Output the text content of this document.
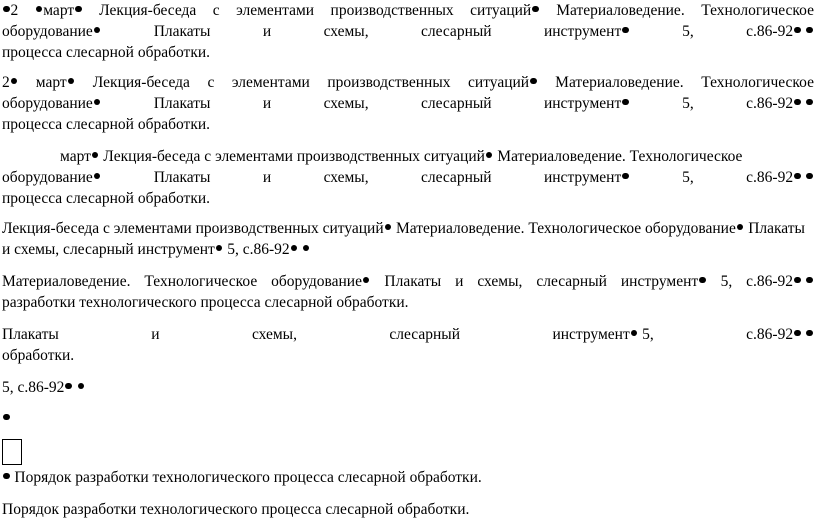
2	март	Лекция-беседа с элементами производственных ситуаций	Материаловедение. Технологическое
оборудование	Плакаты	и	схемы,	слесарный	инструмент	5,	с.86-92
процесса слесарной обработки.
2	март	Лекция-беседа с элементами производственных ситуаций	Материаловедение. Технологическое
оборудование	Плакаты	и	схемы,	слесарный	инструмент	5,	с.86-92
процесса слесарной обработки.
март Лекция-беседа с элементами производственных ситуаций Материаловедение. Технологическое
оборудование	Плакаты	и	схемы,	слесарный	инструмент	5,	с.86-92
процесса слесарной обработки.
Лекция-беседа с элементами производственных ситуаций Материаловедение. Технологическое оборудование Плакаты
и схемы, слесарный инструмент 5, с.86-92
Материаловедение. Технологическое оборудование	Плакаты и схемы, слесарный инструмент	5, с.86-92
разработки технологического процесса слесарной обработки.
Плакаты	и	схемы,	слесарный	инструмент 5,	с.86-92
обработки.
5, с.86-92
Порядок разработки технологического процесса слесарной обработки.
Порядок разработки технологического процесса слесарной обработки.
